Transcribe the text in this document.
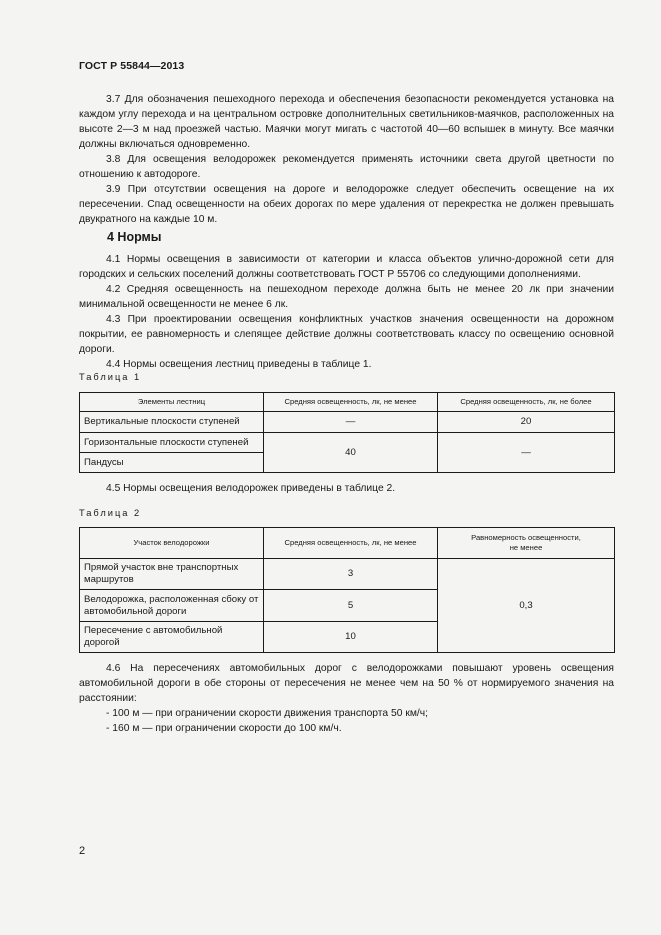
ГОСТ Р 55844—2013

3.7 Для обозначения пешеходного перехода и обеспечения безопасности рекомендуется установка на каждом углу перехода и на центральном островке дополнительных светильников-маячков, расположенных на высоте 2—3 м над проезжей частью. Маячки могут мигать с частотой 40—60 вспышек в минуту. Все маячки должны включаться одновременно.

3.8 Для освещения велодорожек рекомендуется применять источники света другой цветности по отношению к автодороге.

3.9 При отсутствии освещения на дороге и велодорожке следует обеспечить освещение на их пересечении. Спад освещенности на обеих дорогах по мере удаления от перекрестка не должен превышать двукратного на каждые 10 м.

4 Нормы

4.1 Нормы освещения в зависимости от категории и класса объектов улично-дорожной сети для городских и сельских поселений должны соответствовать ГОСТ Р 55706 со следующими дополнениями.

4.2 Средняя освещенность на пешеходном переходе должна быть не менее 20 лк при значении минимальной освещенности не менее 6 лк.

4.3 При проектировании освещения конфликтных участков значения освещенности на дорожном покрытии, ее равномерность и слепящее действие должны соответствовать классу по освещению основной дороги.

4.4 Нормы освещения лестниц приведены в таблице 1.

Таблица 1
Элементы лестниц	Средняя освещенность, лк, не менее	Средняя освещенность, лк, не более
Вертикальные плоскости ступеней	—	20
Горизонтальные плоскости ступеней	40	—
Пандусы		

4.5 Нормы освещения велодорожек приведены в таблице 2.

Таблица 2
Участок велодорожки	Средняя освещенность, лк, не менее	Равномерность освещенности, не менее
Прямой участок вне транспортных маршрутов	3	0,3
Велодорожка, расположенная сбоку от автомобильной дороги	5	
Пересечение с автомобильной дорогой	10	

4.6 На пересечениях автомобильных дорог с велодорожками повышают уровень освещения автомобильной дороги в обе стороны от пересечения не менее чем на 50 % от нормируемого значения на расстоянии:

- 100 м — при ограничении скорости движения транспорта 50 км/ч;

- 160 м — при ограничении скорости до 100 км/ч.

2
